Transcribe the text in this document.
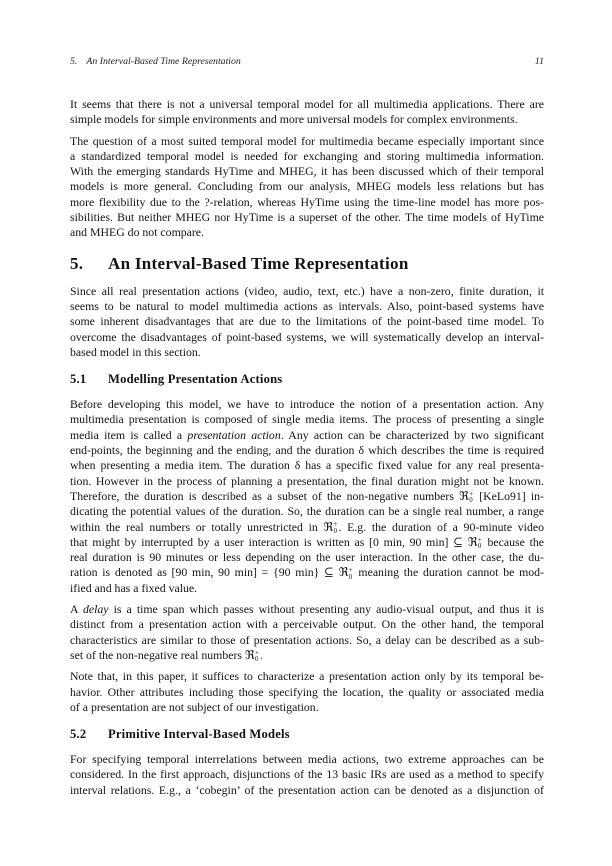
5. An Interval-Based Time Representation	11
It seems that there is not a universal temporal model for all multimedia applications. There are
simple models for simple environments and more universal models for complex environments.
The question of a most suited temporal model for multimedia became especially important since
a standardized temporal model is needed for exchanging and storing multimedia information.
With the emerging standards HyTime and MHEG, it has been discussed which of their temporal
models is more general. Concluding from our analysis, MHEG models less relations but has
more flexibility due to the ?-relation, whereas HyTime using the time-line model has more pos-
sibilities. But neither MHEG nor HyTime is a superset of the other. The time models of HyTime
and MHEG do not compare.
5. An Interval-Based Time Representation
Since all real presentation actions (video, audio, text, etc.) have a non-zero, finite duration, it
seems to be natural to model multimedia actions as intervals. Also, point-based systems have
some inherent disadvantages that are due to the limitations of the point-based time model. To
overcome the disadvantages of point-based systems, we will systematically develop an interval-
based model in this section.
5.1 Modelling Presentation Actions
Before developing this model, we have to introduce the notion of a presentation action. Any
multimedia presentation is composed of single media items. The process of presenting a single
media item is called a presentation action. Any action can be characterized by two significant
end-points, the beginning and the ending, and the duration δ which describes the time is required
when presenting a media item. The duration δ has a specific fixed value for any real presenta-
tion. However in the process of planning a presentation, the final duration might not be known.
Therefore, the duration is described as a subset of the non-negative numbers ℜ +
0 [KeLo91] in-
dicating the potential values of the duration. So, the duration can be a single real number, a range
within the real numbers or totally unrestricted in ℜ +
0 . E.g. the duration of a 90-minute video
that might by interrupted by a user interaction is written as [0 min, 90 min] ⊆ ℜ +
0 because the
real duration is 90 minutes or less depending on the user interaction. In the other case, the du-
ration is denoted as [90 min, 90 min] = {90 min} ⊆ ℜ +
0 meaning the duration cannot be mod-
ified and has a fixed value.
A delay is a time span which passes without presenting any audio-visual output, and thus it is
distinct from a presentation action with a perceivable output. On the other hand, the temporal
characteristics are similar to those of presentation actions. So, a delay can be described as a sub-
set of the non-negative real numbers ℜ +
0 .
Note that, in this paper, it suffices to characterize a presentation action only by its temporal be-
havior. Other attributes including those specifying the location, the quality or associated media
of a presentation are not subject of our investigation.
5.2 Primitive Interval-Based Models
For specifying temporal interrelations between media actions, two extreme approaches can be
considered. In the first approach, disjunctions of the 13 basic IRs are used as a method to specify
interval relations. E.g., a ‘cobegin’ of the presentation action can be denoted as a disjunction of
